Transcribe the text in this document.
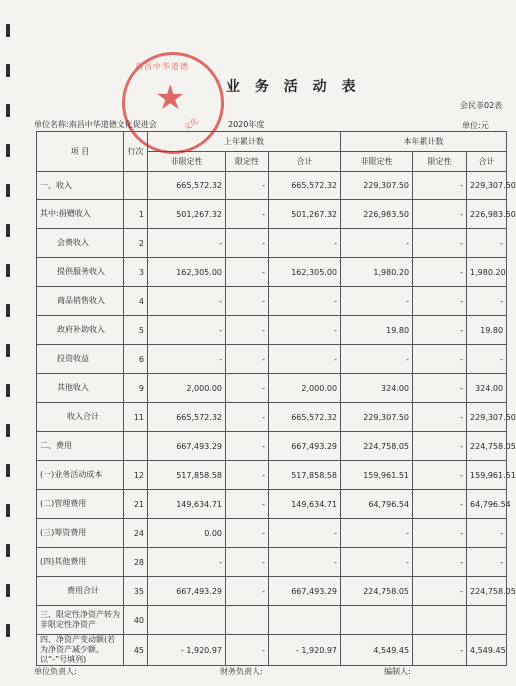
南昌中华道德
★
文化
业 务 活 动 表
会民非02表
单位名称:南昌中华道德文化促进会	2020年度	单位:元
项 目	行次	上年累计数			本年累计数		
		非限定性	限定性	合计	非限定性	限定性	合计
一、收入		665,572.32	-	665,572.32	229,307.50	-	229,307.50
其中:捐赠收入	1	501,267.32	-	501,267.32	226,983.50	-	226,983.50
会费收入	2	-	-	-	-	-	-
提供服务收入	3	162,305.00	-	162,305.00	1,980.20	-	1,980.20
商品销售收入	4	-	-	-	-	-	-
政府补助收入	5	-	-	-	19.80	-	19.80
投资收益	6	-	-	-	-	-	-
其他收入	9	2,000.00	-	2,000.00	324.00	-	324.00
收入合计	11	665,572.32	-	665,572.32	229,307.50	-	229,307.50
二、费用		667,493.29	-	667,493.29	224,758.05	-	224,758.05
(一)业务活动成本	12	517,858.58	-	517,858.58	159,961.51	-	159,961.51
(二)管理费用	21	149,634.71	-	149,634.71	64,796.54	-	64,796.54
(三)筹资费用	24	0.00	-	-	-	-	-
(四)其他费用	28	-	-	-	-	-	-
费用合计	35	667,493.29	-	667,493.29	224,758.05	-	224,758.05
三、限定性净资产转为非限定性净资产	40						
四、净资产变动额(若为净资产减少额,以“-”号填列)	45	- 1,920.97	-	- 1,920.97	4,549.45	-	4,549.45
单位负责人:	财务负责人:	编制人:
